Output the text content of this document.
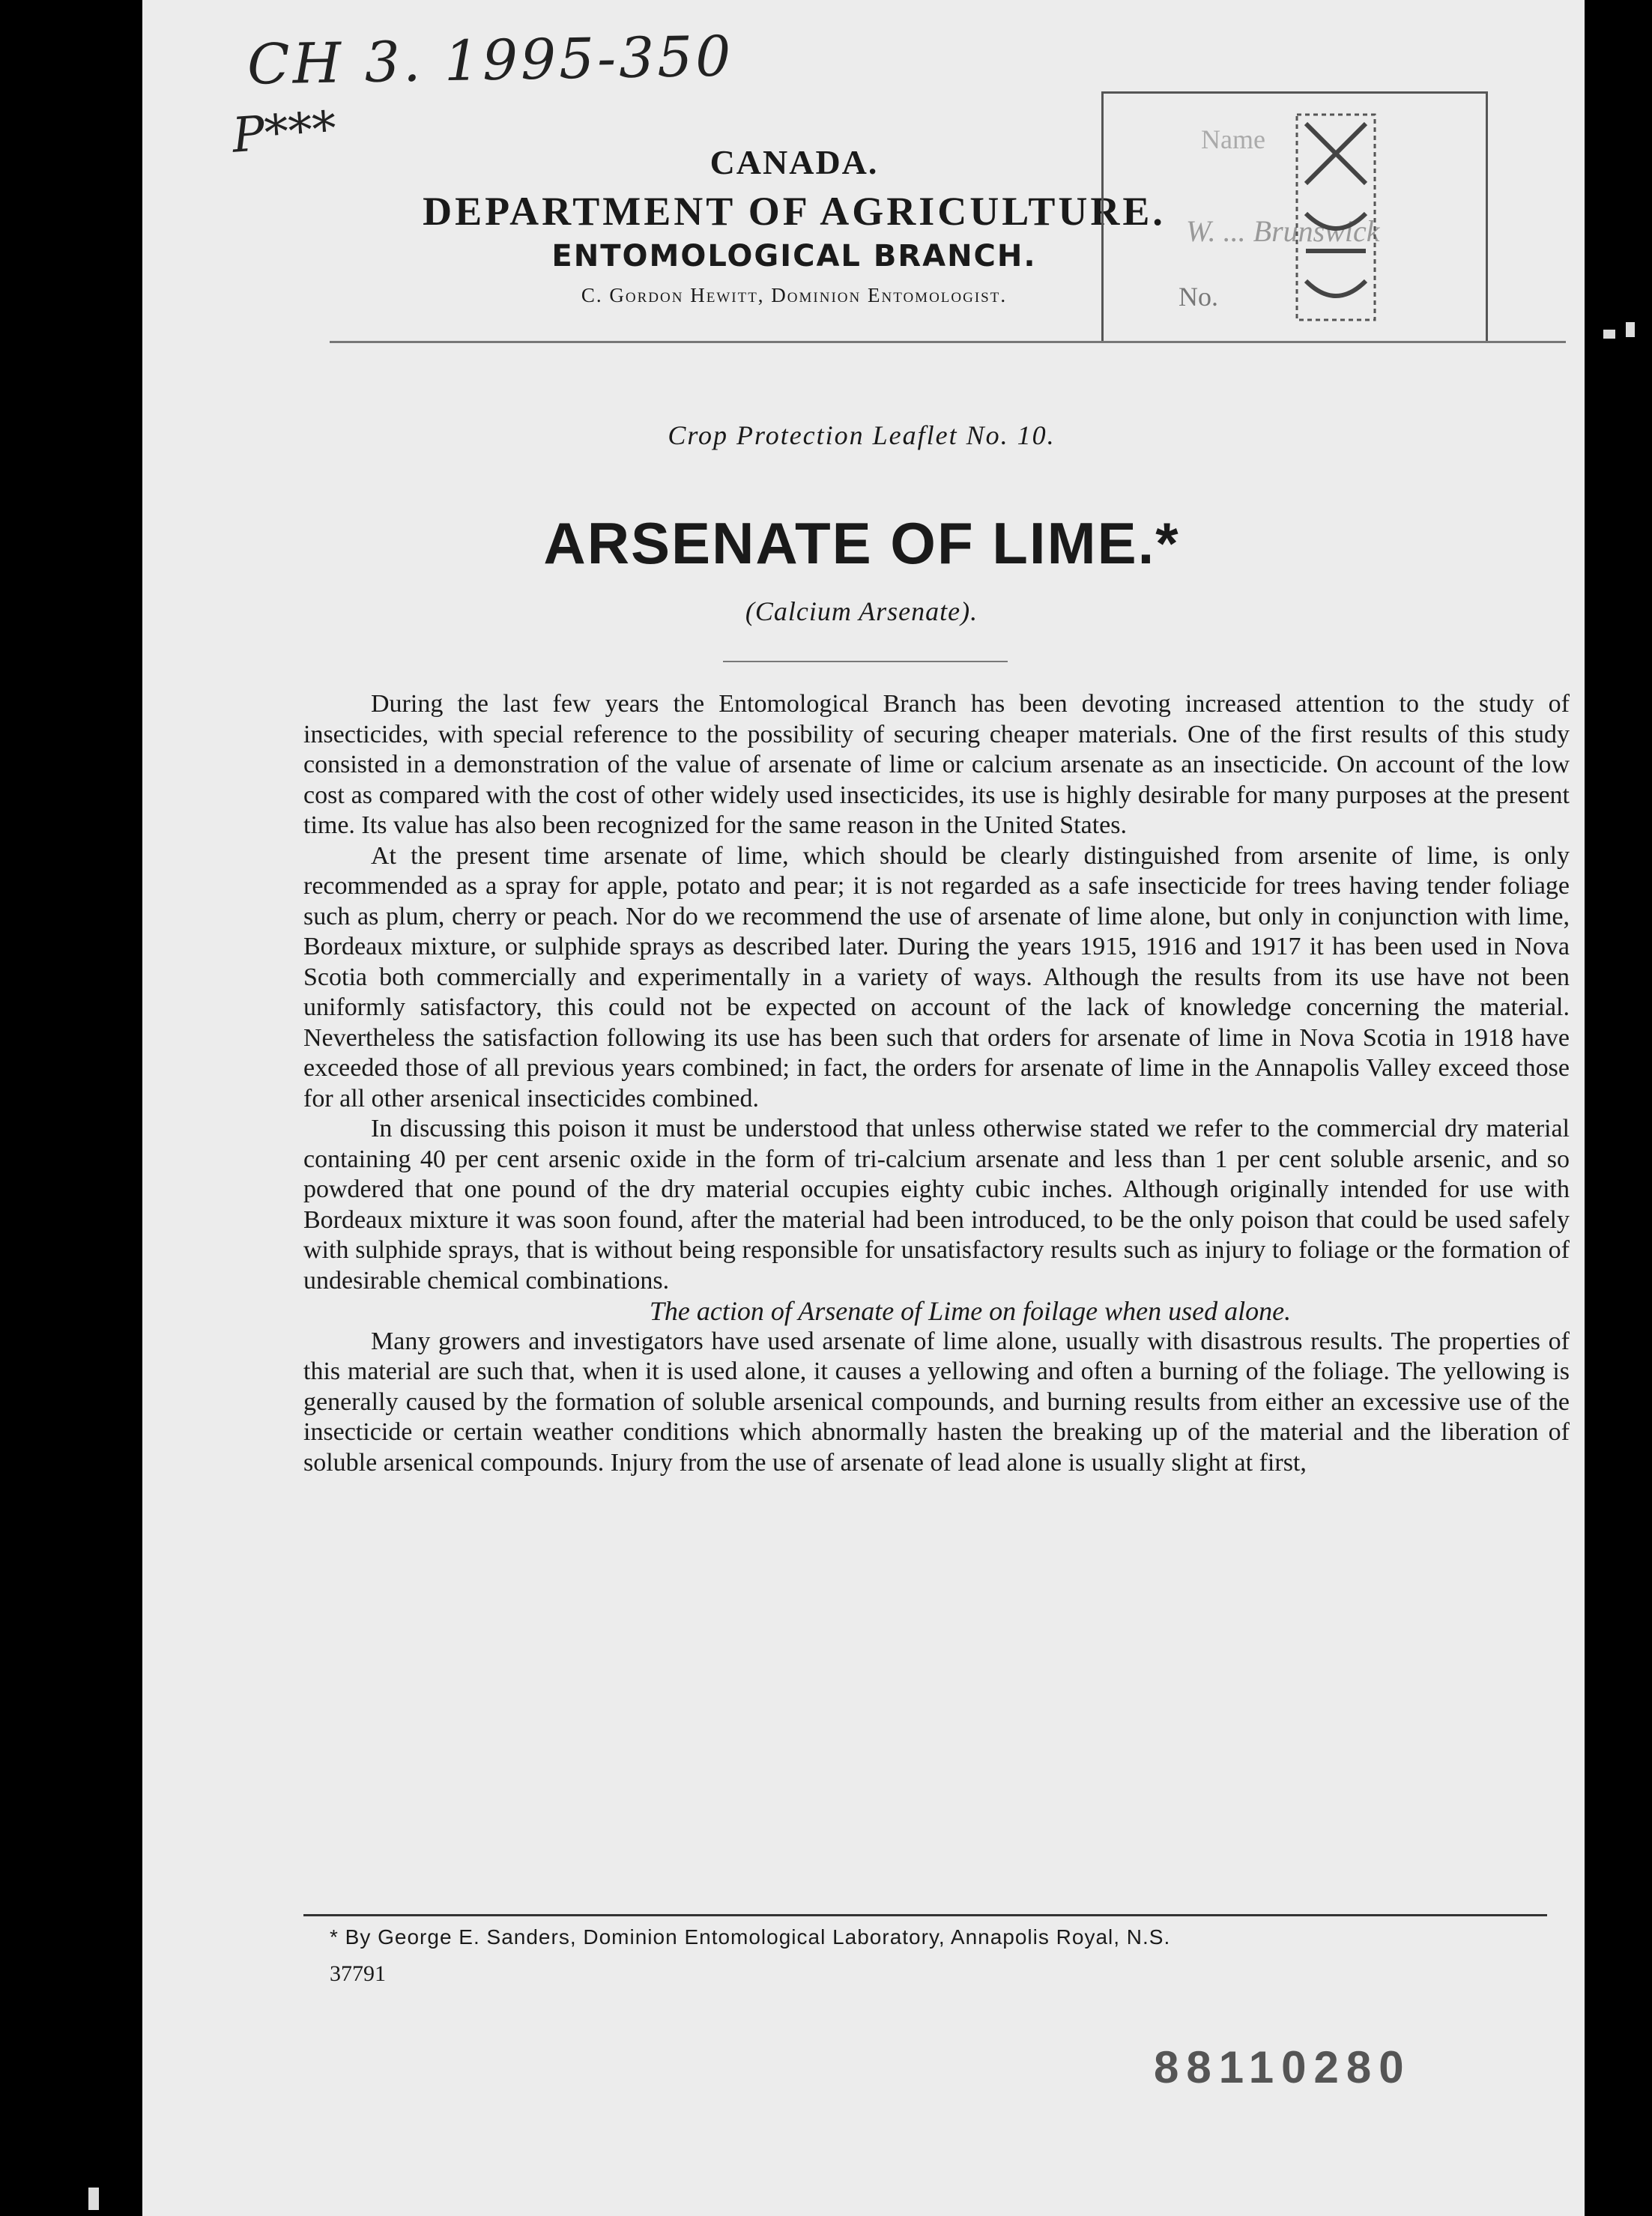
CH 3. 1995-350
P***	CANADA.
DEPARTMENT OF AGRICULTURE.
ENTOMOLOGICAL BRANCH.
C. Gordon Hewitt, Dominion Entomologist.
Name
W. ... Brunswick
No.
Crop Protection Leaflet No. 10.
ARSENATE OF LIME.*
(Calcium Arsenate).

During the last few years the Entomological Branch has been devoting increased attention to the study of insecticides, with special reference to the possibility of securing cheaper materials. One of the first results of this study consisted in a demonstration of the value of arsenate of lime or calcium arsenate as an insecticide. On account of the low cost as compared with the cost of other widely used insecticides, its use is highly desirable for many purposes at the present time. Its value has also been recognized for the same reason in the United States.

At the present time arsenate of lime, which should be clearly distinguished from arsenite of lime, is only recommended as a spray for apple, potato and pear; it is not regarded as a safe insecticide for trees having tender foliage such as plum, cherry or peach. Nor do we recommend the use of arsenate of lime alone, but only in conjunction with lime, Bordeaux mixture, or sulphide sprays as described later. During the years 1915, 1916 and 1917 it has been used in Nova Scotia both commercially and experimentally in a variety of ways. Although the results from its use have not been uniformly satisfactory, this could not be expected on account of the lack of knowledge concerning the material. Nevertheless the satisfaction following its use has been such that orders for arsenate of lime in Nova Scotia in 1918 have exceeded those of all previous years combined; in fact, the orders for arsenate of lime in the Annapolis Valley exceed those for all other arsenical insecticides combined.

In discussing this poison it must be understood that unless otherwise stated we refer to the commercial dry material containing 40 per cent arsenic oxide in the form of tri-calcium arsenate and less than 1 per cent soluble arsenic, and so powdered that one pound of the dry material occupies eighty cubic inches. Although originally intended for use with Bordeaux mixture it was soon found, after the material had been introduced, to be the only poison that could be used safely with sulphide sprays, that is without being responsible for unsatisfactory results such as injury to foliage or the formation of undesirable chemical combinations.

The action of Arsenate of Lime on foilage when used alone.

Many growers and investigators have used arsenate of lime alone, usually with disastrous results. The properties of this material are such that, when it is used alone, it causes a yellowing and often a burning of the foliage. The yellowing is generally caused by the formation of soluble arsenical compounds, and burning results from either an excessive use of the insecticide or certain weather conditions which abnormally hasten the breaking up of the material and the liberation of soluble arsenical compounds. Injury from the use of arsenate of lead alone is usually slight at first,

* By George E. Sanders, Dominion Entomological Laboratory, Annapolis Royal, N.S.
37791
88110280
